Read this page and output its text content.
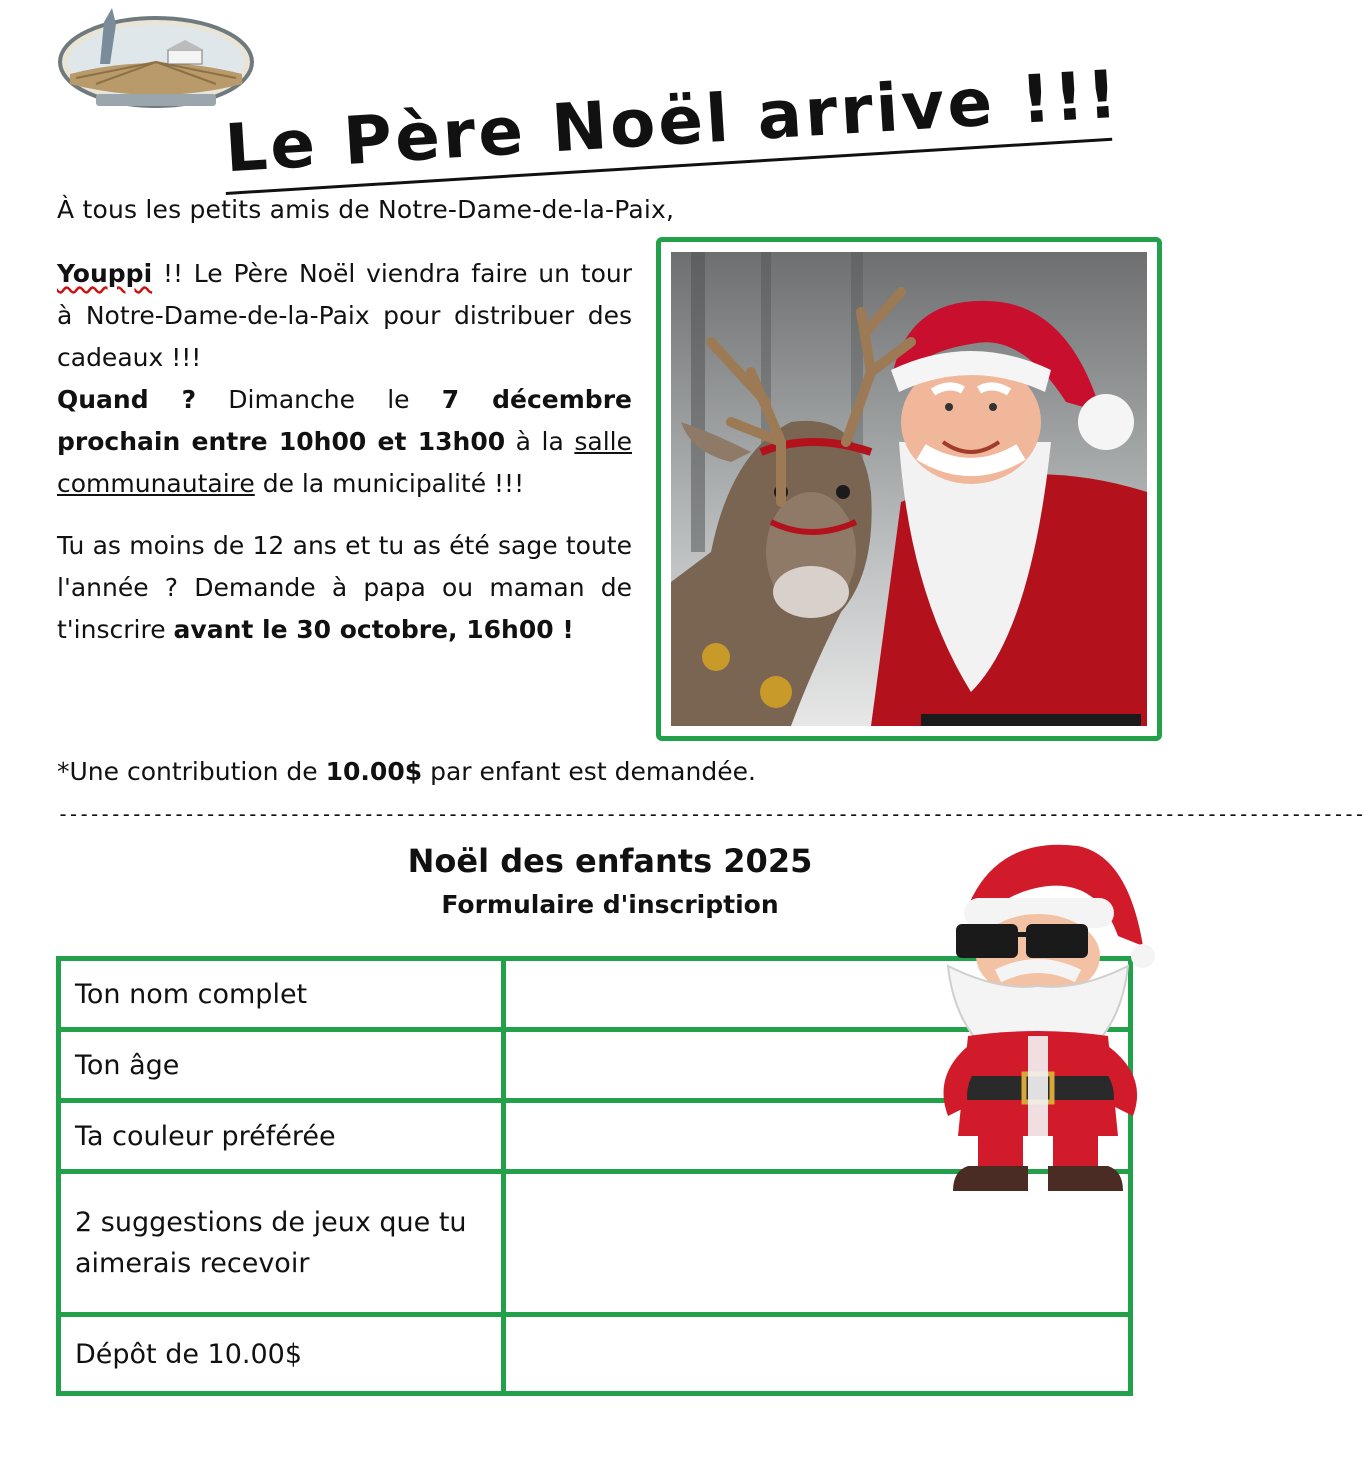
Le Père Noël arrive !!!
À tous les petits amis de Notre-Dame-de-la-Paix,
Youppi !! Le Père Noël viendra faire un tour à Notre-Dame-de-la-Paix pour distribuer des cadeaux !!!
Quand ? Dimanche le 7 décembre prochain entre 10h00 et 13h00 à la salle communautaire de la municipalité !!!
Tu as moins de 12 ans et tu as été sage toute l'année ? Demande à papa ou maman de t'inscrire avant le 30 octobre, 16h00 !
*Une contribution de 10.00$ par enfant est demandée.
----------------------------------------------------------------------------------------------------------------------------
Noël des enfants 2025
Formulaire d'inscription
Ton nom complet	
Ton âge	
Ta couleur préférée	
2 suggestions de jeux que tu aimerais recevoir	
Dépôt de 10.00$	
